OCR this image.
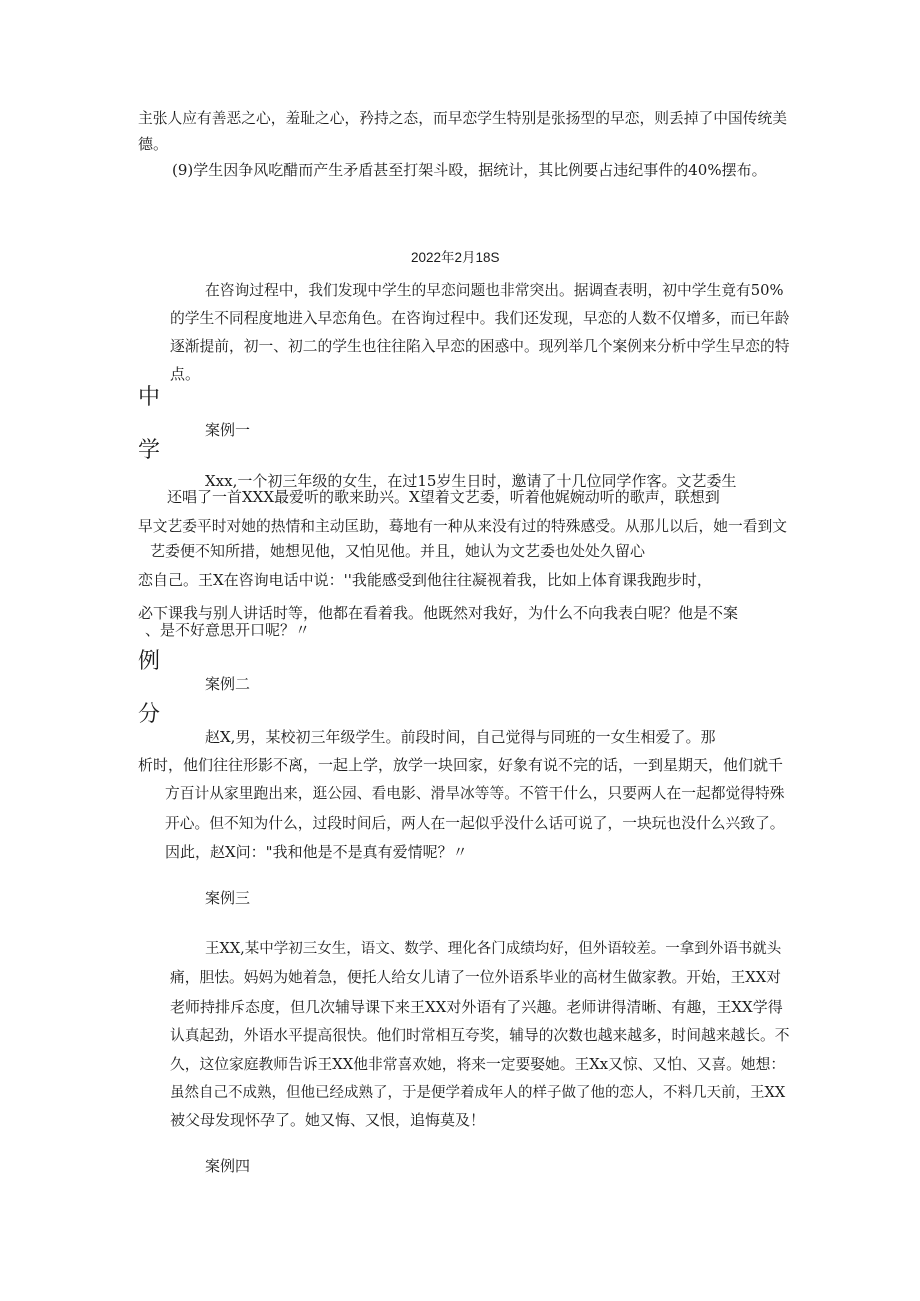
主张人应有善恶之心，羞耻之心，矜持之态，而早恋学生特别是张扬型的早恋，则丢掉了中国传统美
德。
(9)学生因争风吃醋而产生矛盾甚至打架斗殴，据统计，其比例要占违纪事件的40%摆布。
2022年2月18S
在咨询过程中，我们发现中学生的早恋问题也非常突出。据调查表明，初中学生竟有50%
的学生不同程度地进入早恋角色。在咨询过程中。我们还发现，早恋的人数不仅增多，而已年龄
逐渐提前，初一、初二的学生也往往陷入早恋的困惑中。现列举几个案例来分析中学生早恋的特
点。
中
学
例
分
案例一
Xxx,一个初三年级的女生，在过15岁生日时，邀请了十几位同学作客。文艺委生
还唱了一首XXX最爱听的歌来助兴。X望着文艺委，听着他娓婉动听的歌声，联想到
早文艺委平时对她的热情和主动匡助，蓦地有一种从来没有过的特殊感受。从那儿以后，她一看到文
艺委便不知所措，她想见他，又怕见他。并且，她认为文艺委也处处久留心
恋自己。王X在咨询电话中说：''我能感受到他往往凝视着我，比如上体育课我跑步时，
必下课我与别人讲话时等，他都在看着我。他既然对我好，为什么不向我表白呢？他是不案
、是不好意思开口呢？〃
案例二
赵X,男，某校初三年级学生。前段时间，自己觉得与同班的一女生相爱了。那
析时，他们往往形影不离，一起上学，放学一块回家，好象有说不完的话，一到星期天，他们就千
方百计从家里跑出来，逛公园、看电影、滑旱冰等等。不管干什么，只要两人在一起都觉得特殊
开心。但不知为什么，过段时间后，两人在一起似乎没什么话可说了，一块玩也没什么兴致了。
因此，赵X问："我和他是不是真有爱情呢？〃
案例三
王XX,某中学初三女生，语文、数学、理化各门成绩均好，但外语较差。一拿到外语书就头
痛，胆怯。妈妈为她着急，便托人给女儿请了一位外语系毕业的高材生做家教。开始，王XX对
老师持排斥态度，但几次辅导课下来王XX对外语有了兴趣。老师讲得清晰、有趣，王XX学得
认真起劲，外语水平提高很快。他们时常相互夸奖，辅导的次数也越来越多，时间越来越长。不
久，这位家庭教师告诉王XX他非常喜欢她，将来一定要娶她。王Xx又惊、又怕、又喜。她想：
虽然自己不成熟，但他已经成熟了，于是便学着成年人的样子做了他的恋人，不料几天前，王XX
被父母发现怀孕了。她又悔、又恨，追悔莫及！
案例四
